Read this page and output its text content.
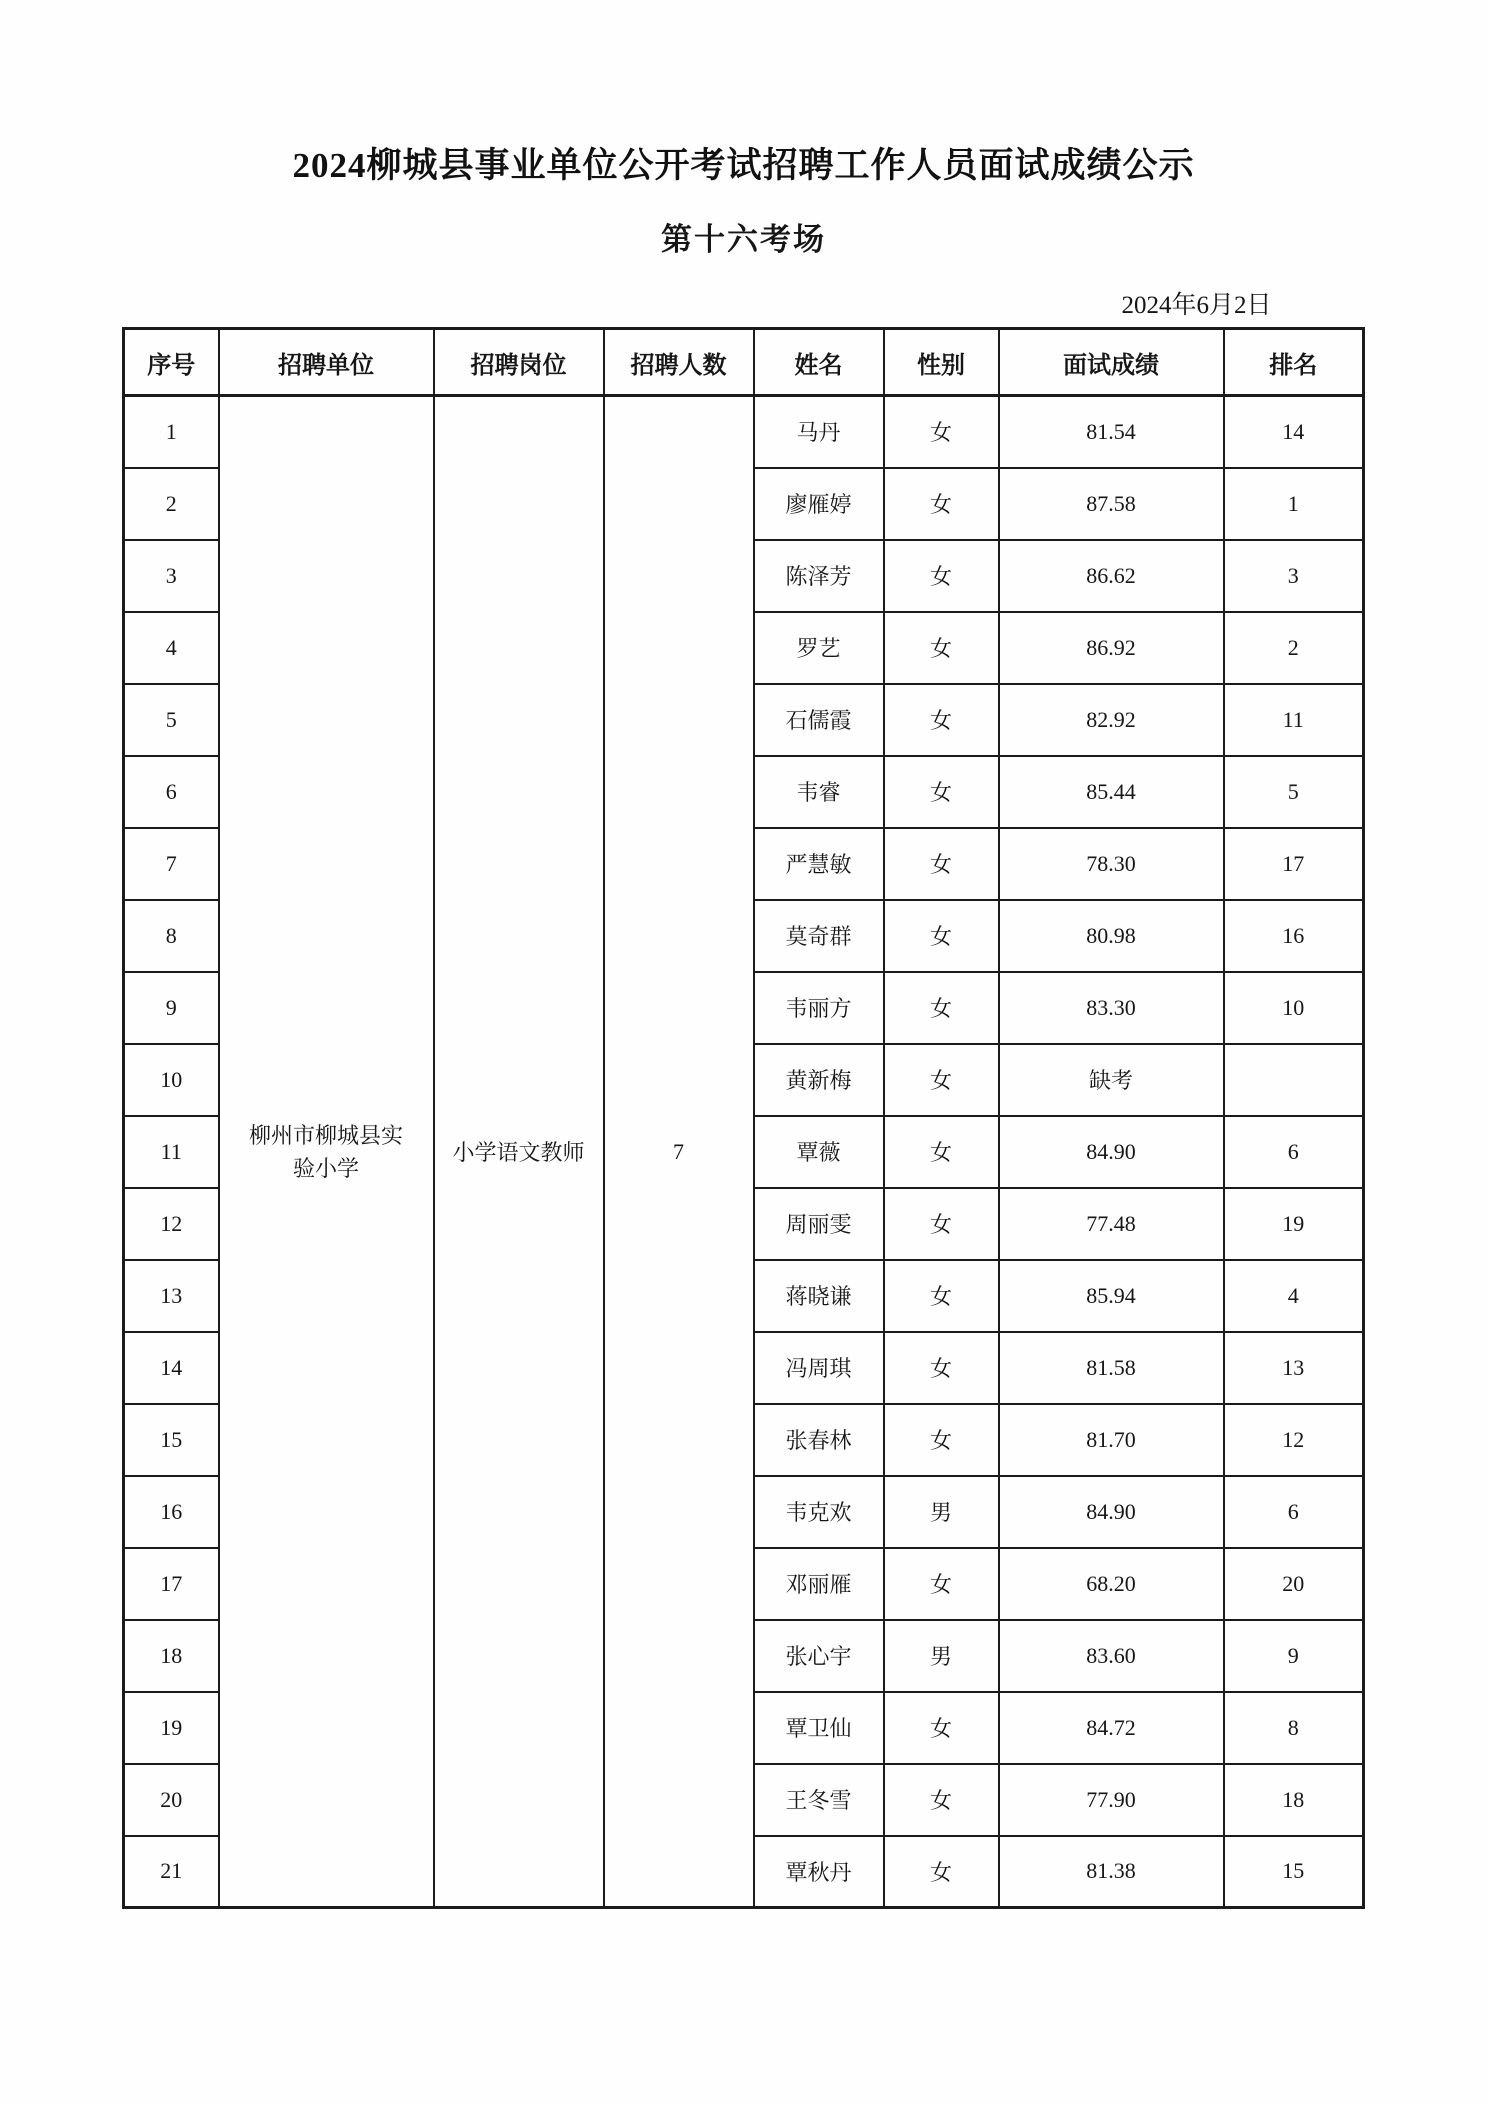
2024柳城县事业单位公开考试招聘工作人员面试成绩公示
第十六考场
2024年6月2日
序号	招聘单位	招聘岗位	招聘人数	姓名	性别	面试成绩	排名
1	柳州市柳城县实验小学	小学语文教师	7	马丹	女	81.54	14
2				廖雁婷	女	87.58	1
3				陈泽芳	女	86.62	3
4				罗艺	女	86.92	2
5				石儒霞	女	82.92	11
6				韦睿	女	85.44	5
7				严慧敏	女	78.30	17
8				莫奇群	女	80.98	16
9				韦丽方	女	83.30	10
10				黄新梅	女	缺考	
11				覃薇	女	84.90	6
12				周丽雯	女	77.48	19
13				蒋晓谦	女	85.94	4
14				冯周琪	女	81.58	13
15				张春林	女	81.70	12
16				韦克欢	男	84.90	6
17				邓丽雁	女	68.20	20
18				张心宇	男	83.60	9
19				覃卫仙	女	84.72	8
20				王冬雪	女	77.90	18
21				覃秋丹	女	81.38	15
